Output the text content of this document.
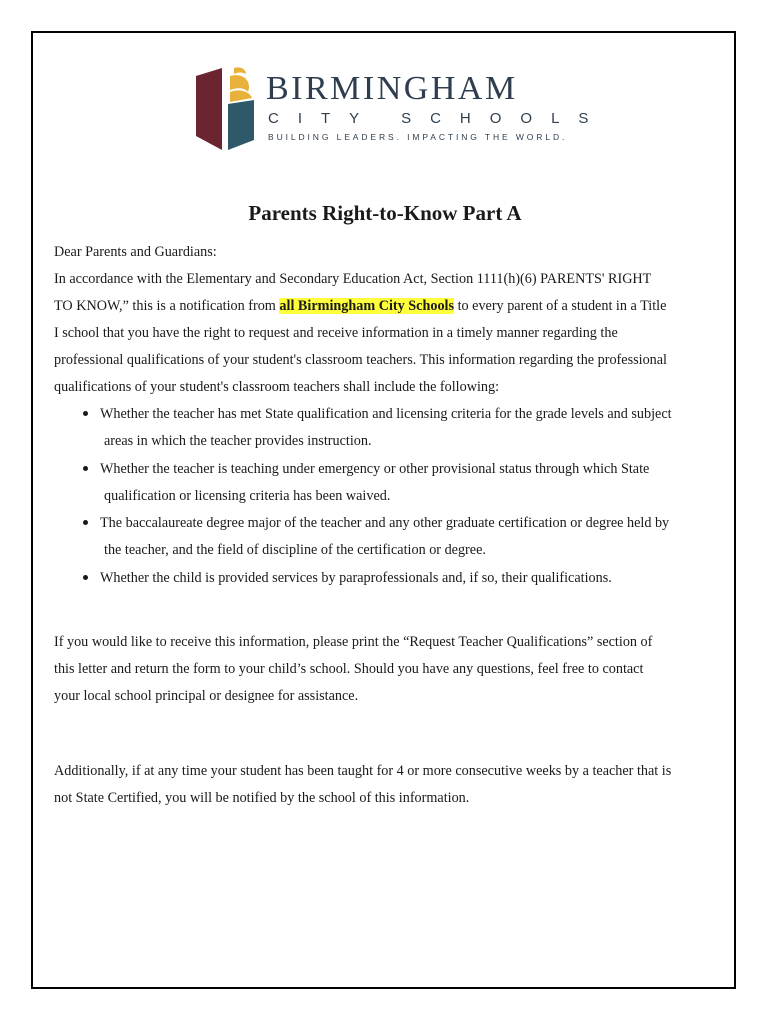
BIRMINGHAM
CITY SCHOOLS
BUILDING LEADERS. IMPACTING THE WORLD.
Parents Right-to-Know Part A
Dear Parents and Guardians:
In accordance with the Elementary and Secondary Education Act, Section 1111(h)(6) PARENTS' RIGHT
TO KNOW,” this is a notification from all Birmingham City Schools to every parent of a student in a Title
I school that you have the right to request and receive information in a timely manner regarding the
professional qualifications of your student's classroom teachers. This information regarding the professional
qualifications of your student's classroom teachers shall include the following:
Whether the teacher has met State qualification and licensing criteria for the grade levels and subject
areas in which the teacher provides instruction.
Whether the teacher is teaching under emergency or other provisional status through which State
qualification or licensing criteria has been waived.
The baccalaureate degree major of the teacher and any other graduate certification or degree held by
the teacher, and the field of discipline of the certification or degree.
Whether the child is provided services by paraprofessionals and, if so, their qualifications.
If you would like to receive this information, please print the “Request Teacher Qualifications” section of
this letter and return the form to your child’s school. Should you have any questions, feel free to contact
your local school principal or designee for assistance.
Additionally, if at any time your student has been taught for 4 or more consecutive weeks by a teacher that is
not State Certified, you will be notified by the school of this information.
